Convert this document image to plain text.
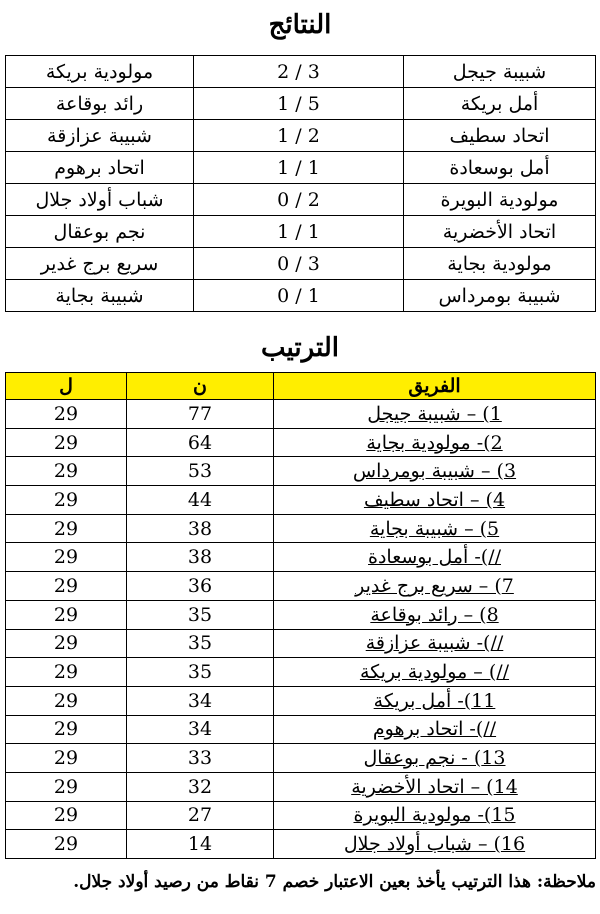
النتائج
شبيبة جيجل	3 / 2	مولودية بريكة
أمل بريكة	5 / 1	رائد بوقاعة
اتحاد سطيف	2 / 1	شبيبة عزازقة
أمل بوسعادة	1 / 1	اتحاد برهوم
مولودية البويرة	2 / 0	شباب أولاد جلال
اتحاد الأخضرية	1 / 1	نجم بوعقال
مولودية بجاية	3 / 0	سريع برج غدير
شبيبة بومرداس	1 / 0	شبيبة بجاية
الترتيب
الفريق	ن	ل
1) – شبيبة جيجل	77	29
2)- مولودية بجاية	64	29
3) – شبيبة بومرداس	53	29
4) – اتحاد سطيف	44	29
5) – شبيبة بجاية	38	29
//)- أمل بوسعادة	38	29
7) – سريع برج غدير	36	29
8) – رائد بوقاعة	35	29
//)- شبيبة عزازقة	35	29
//) – مولودية بريكة	35	29
11)- أمل بريكة	34	29
//)- اتحاد برهوم	34	29
13) - نجم بوعقال	33	29
14) – اتحاد الأخضرية	32	29
15)- مولودية البويرة	27	29
16) – شباب أولاد جلال	14	29
ملاحظة: هذا الترتيب يأخذ بعين الاعتبار خصم 7 نقاط من رصيد أولاد جلال.
